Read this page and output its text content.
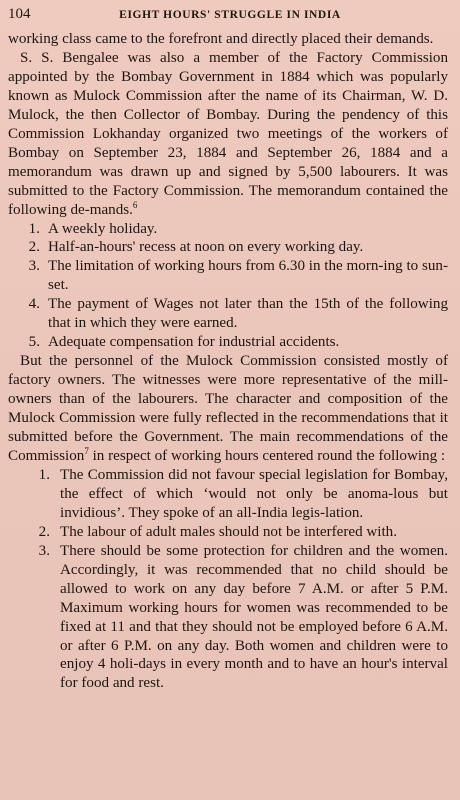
104	EIGHT HOURS' STRUGGLE IN INDIA

working class came to the forefront and directly placed their demands.

S. S. Bengalee was also a member of the Factory Commission appointed by the Bombay Government in 1884 which was popularly known as Mulock Commission after the name of its Chairman, W. D. Mulock, the then Collector of Bombay. During the pendency of this Commission Lokhanday organized two meetings of the workers of Bombay on September 23, 1884 and September 26, 1884 and a memorandum was drawn up and signed by 5,500 labourers. It was submitted to the Factory Commission. The memorandum contained the following de-mands.$^6$

1. A weekly holiday.
2. Half-an-hours' recess at noon on every working day.
3. The limitation of working hours from 6.30 in the morn-ing to sun-set.
4. The payment of Wages not later than the 15th of the following that in which they were earned.
5. Adequate compensation for industrial accidents.

But the personnel of the Mulock Commission consisted mostly of factory owners. The witnesses were more representative of the mill-owners than of the labourers. The character and composition of the Mulock Commission were fully reflected in the recommendations that it submitted before the Government. The main recommendations of the Commission$^7$ in respect of working hours centered round the following :

1. The Commission did not favour special legislation for Bombay, the effect of which ‘would not only be anoma-lous but invidious’. They spoke of an all-India legis-lation.
2. The labour of adult males should not be interfered with.
3. There should be some protection for children and the women. Accordingly, it was recommended that no child should be allowed to work on any day before 7 A.M. or after 5 P.M. Maximum working hours for women was recommended to be fixed at 11 and that they should not be employed before 6 A.M. or after 6 P.M. on any day. Both women and children were to enjoy 4 holi-days in every month and to have an hour's interval for food and rest.
